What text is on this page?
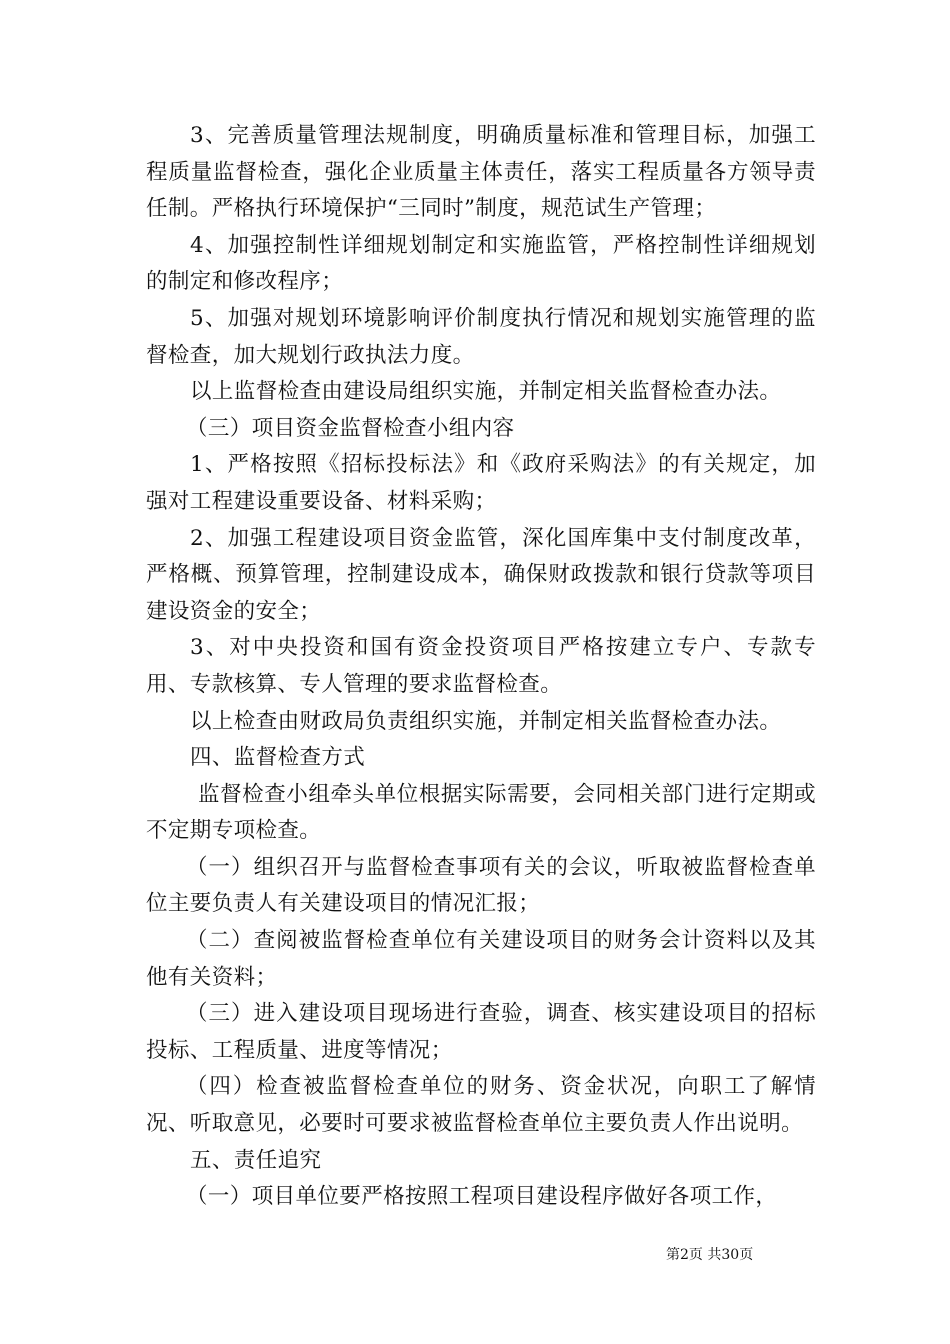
3、完善质量管理法规制度，明确质量标准和管理目标，加强工程质量监督检查，强化企业质量主体责任，落实工程质量各方领导责任制。严格执行环境保护“三同时”制度，规范试生产管理；

4、加强控制性详细规划制定和实施监管，严格控制性详细规划的制定和修改程序；

5、加强对规划环境影响评价制度执行情况和规划实施管理的监督检查，加大规划行政执法力度。

以上监督检查由建设局组织实施，并制定相关监督检查办法。

（三）项目资金监督检查小组内容

1、严格按照《招标投标法》和《政府采购法》的有关规定，加强对工程建设重要设备、材料采购；

2、加强工程建设项目资金监管，深化国库集中支付制度改革，严格概、预算管理，控制建设成本，确保财政拨款和银行贷款等项目建设资金的安全；

3、对中央投资和国有资金投资项目严格按建立专户、专款专用、专款核算、专人管理的要求监督检查。

以上检查由财政局负责组织实施，并制定相关监督检查办法。

四、监督检查方式

监督检查小组牵头单位根据实际需要，会同相关部门进行定期或不定期专项检查。

（一）组织召开与监督检查事项有关的会议，听取被监督检查单位主要负责人有关建设项目的情况汇报；

（二）查阅被监督检查单位有关建设项目的财务会计资料以及其他有关资料；

（三）进入建设项目现场进行查验，调查、核实建设项目的招标投标、工程质量、进度等情况；

（四）检查被监督检查单位的财务、资金状况，向职工了解情况、听取意见，必要时可要求被监督检查单位主要负责人作出说明。

五、责任追究

（一）项目单位要严格按照工程项目建设程序做好各项工作，

第2页 共30页
